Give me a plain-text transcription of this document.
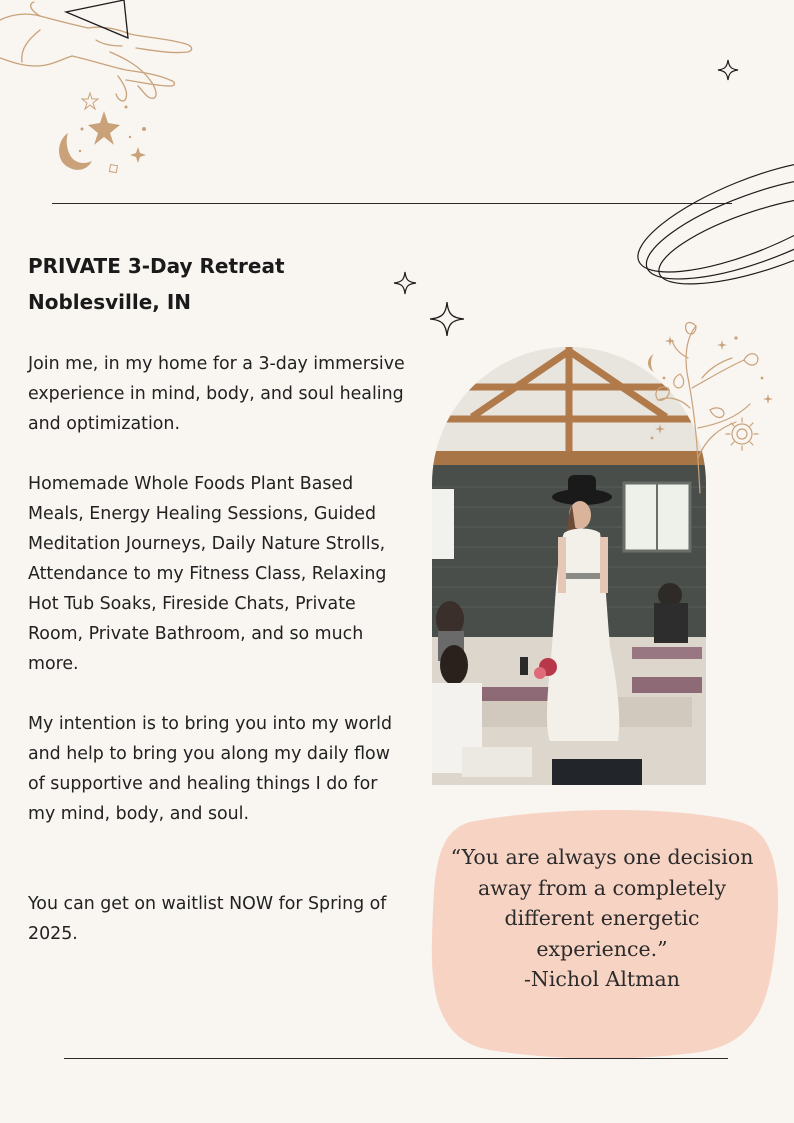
PRIVATE 3-Day Retreat
Noblesville, IN

Join me, in my home for a 3-day immersive experience in mind, body, and soul healing and optimization.

Homemade Whole Foods Plant Based Meals, Energy Healing Sessions, Guided Meditation Journeys, Daily Nature Strolls, Attendance to my Fitness Class, Relaxing Hot Tub Soaks, Fireside Chats, Private Room, Private Bathroom, and so much more.

My intention is to bring you into my world and help to bring you along my daily flow of supportive and healing things I do for my mind, body, and soul.

You can get on waitlist NOW for Spring of 2025.

“You are always one decision away from a completely different energetic experience.”
-Nichol Altman
